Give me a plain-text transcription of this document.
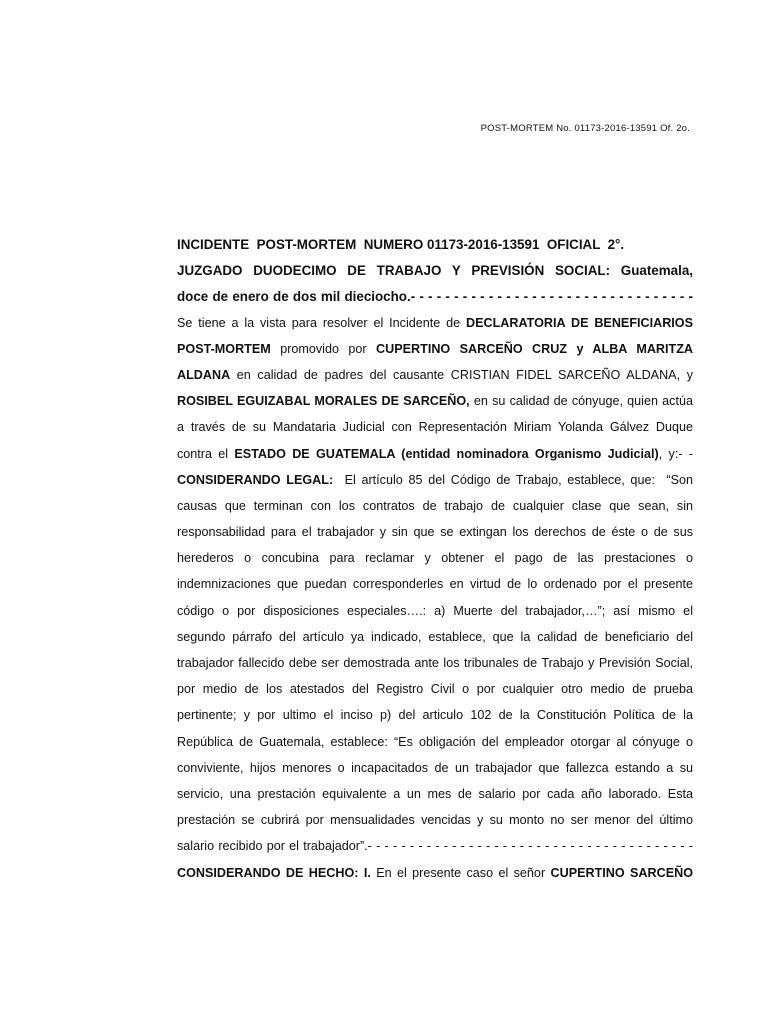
POST-MORTEM No. 01173-2016-13591 Of. 2o.
INCIDENTE  POST-MORTEM  NUMERO 01173-2016-13591  OFICIAL  2°.
JUZGADO DUODECIMO DE TRABAJO Y PREVISIÓN SOCIAL: Guatemala,
doce de enero de dos mil dieciocho.- - - - - - - - - - - - - - - - - - - - - - - - - - - - - - - - -
Se tiene a la vista para resolver el Incidente de DECLARATORIA DE BENEFICIARIOS
POST-MORTEM promovido por CUPERTINO SARCEÑO CRUZ y ALBA MARITZA
ALDANA en calidad de padres del causante CRISTIAN FIDEL SARCEÑO ALDANA, y
ROSIBEL EGUIZABAL MORALES DE SARCEÑO, en su calidad de cónyuge, quien actúa
a través de su Mandataria Judicial con Representación Miriam Yolanda Gálvez Duque
contra el ESTADO DE GUATEMALA (entidad nominadora Organismo Judicial), y:- -
CONSIDERANDO LEGAL:  El artículo 85 del Código de Trabajo, establece, que:  “Son
causas que terminan con los contratos de trabajo de cualquier clase que sean, sin
responsabilidad para el trabajador y sin que se extingan los derechos de éste o de sus
herederos o concubina para reclamar y obtener el pago de las prestaciones o
indemnizaciones que puedan corresponderles en virtud de lo ordenado por el presente
código o por disposiciones especiales….: a) Muerte del trabajador,…”; así mismo el
segundo párrafo del artículo ya indicado, establece, que la calidad de beneficiario del
trabajador fallecido debe ser demostrada ante los tribunales de Trabajo y Previsión Social,
por medio de los atestados del Registro Civil o por cualquier otro medio de prueba
pertinente; y por ultimo el inciso p) del articulo 102 de la Constitución Política de la
República de Guatemala, establece: “Es obligación del empleador otorgar al cónyuge o
conviviente, hijos menores o incapacitados de un trabajador que fallezca estando a su
servicio, una prestación equivalente a un mes de salario por cada año laborado. Esta
prestación se cubrirá por mensualidades vencidas y su monto no ser menor del último
salario recibido por el trabajador”.- - - - - - - - - - - - - - - - - - - - - - - - - - - - - - - - - - - - - - -
CONSIDERANDO DE HECHO: I. En el presente caso el señor CUPERTINO SARCEÑO
